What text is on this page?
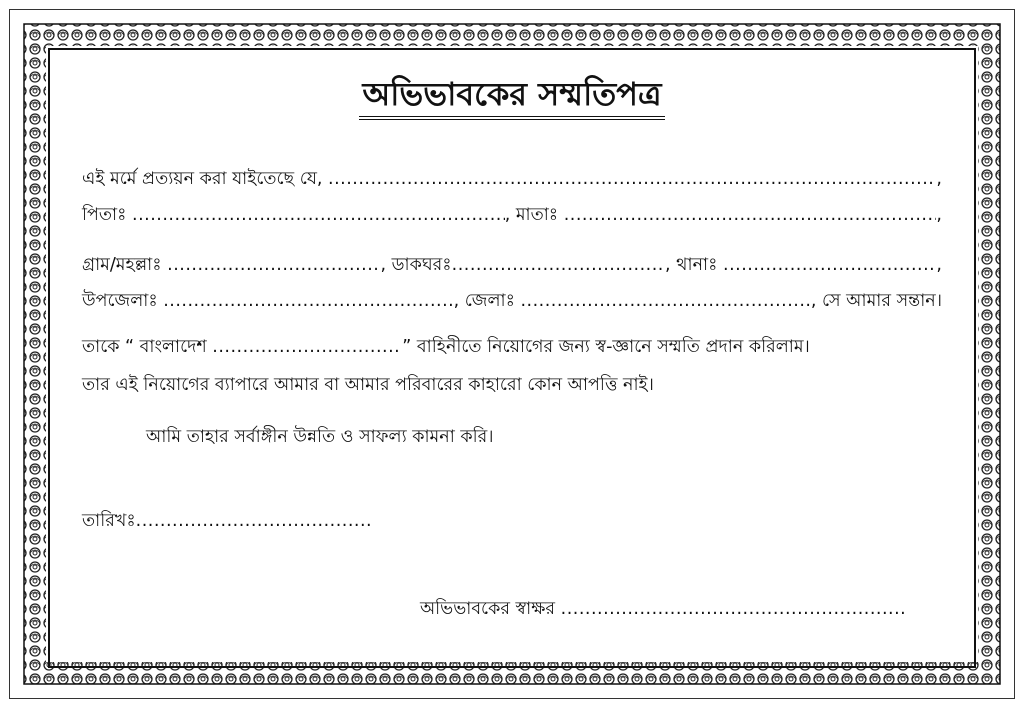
অভিভাবকের সম্মতিপত্র
এই মর্মে প্রত্যয়ন করা যাইতেছে যে,
.....	,
পিতাঃ
.....	, মাতাঃ
.....	,
গ্রাম/মহল্লাঃ
.....	, ডাকঘরঃ .....	, থানাঃ
.....	,
উপজেলাঃ
.....	, জেলাঃ
.....	, সে আমার সন্তান।
তাকে “ বাংলাদেশ
.....	” বাহিনীতে নিয়োগের জন্য স্ব-জ্ঞানে সম্মতি প্রদান করিলাম।
তার এই নিয়োগের ব্যাপারে আমার বা আমার পরিবারের কাহারো কোন আপত্তি নাই।
আমি তাহার সর্বাঙ্গীন উন্নতি ও সাফল্য কামনা করি।
তারিখঃ
.....
অভিভাবকের স্বাক্ষর

.....
